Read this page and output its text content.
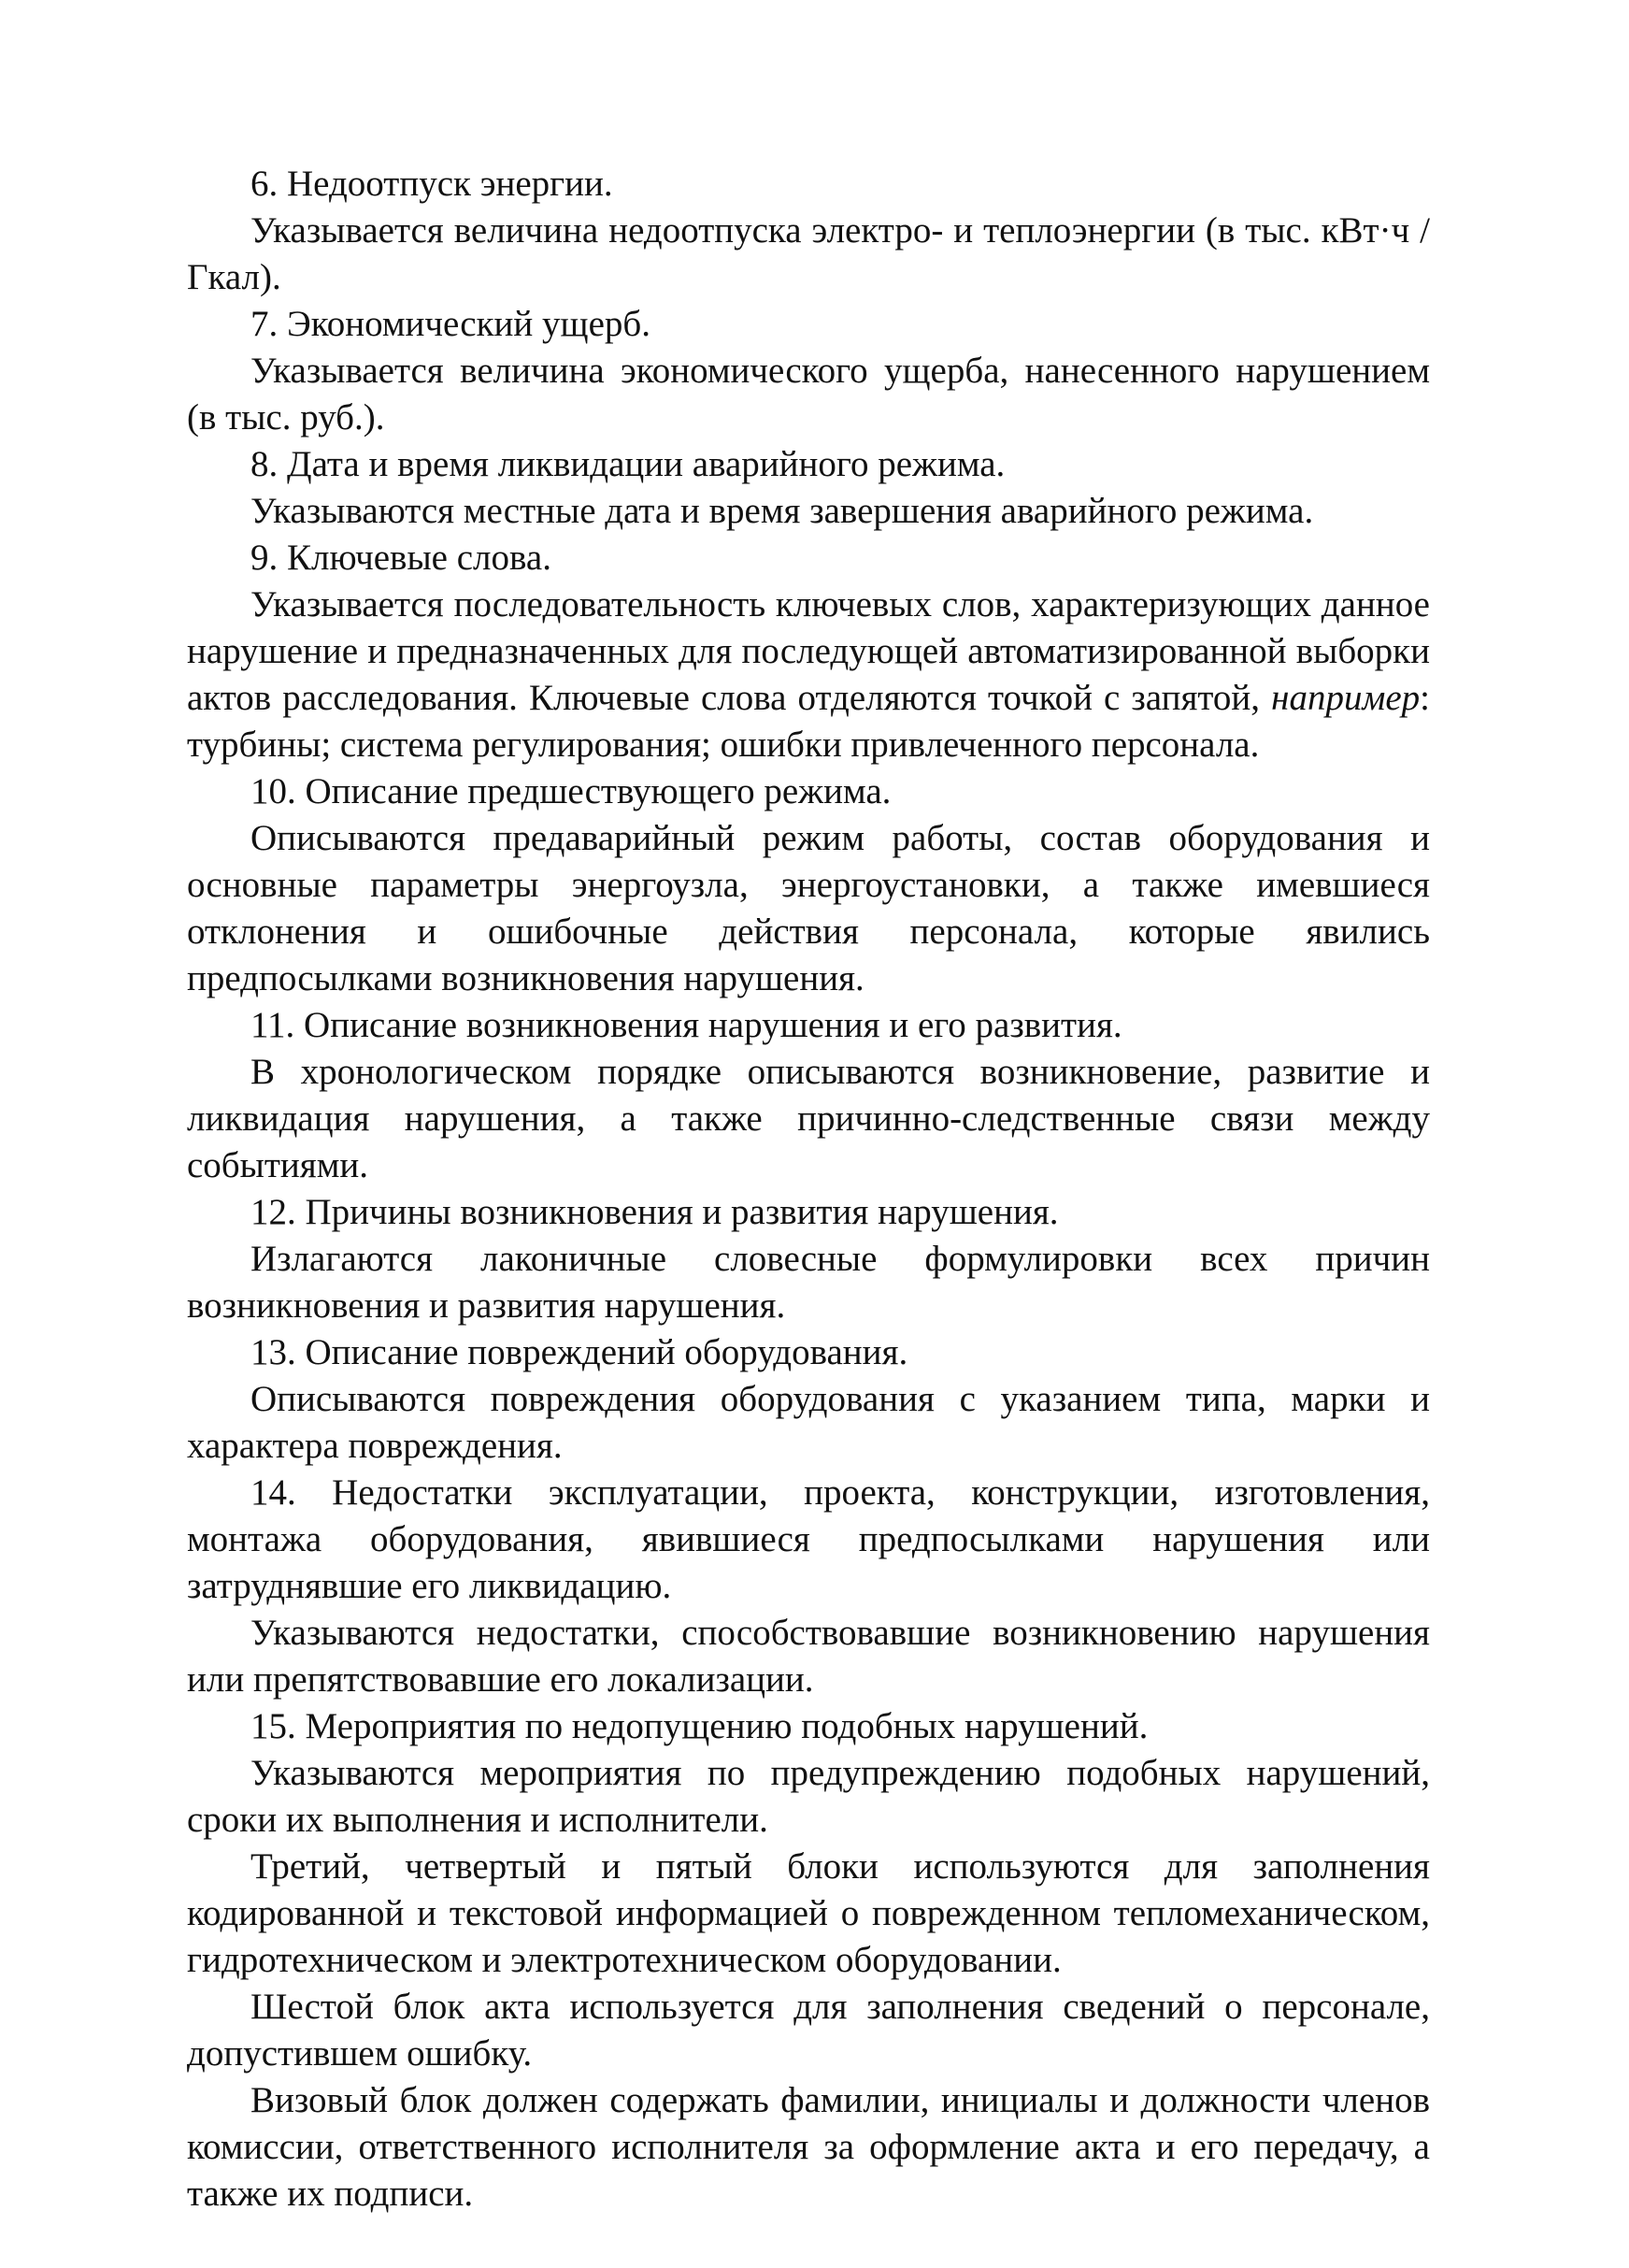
6. Недоотпуск энергии.

Указывается величина недоотпуска электро- и теплоэнергии (в тыс. кВт·ч / Гкал).

7. Экономический ущерб.

Указывается величина экономического ущерба, нанесенного нарушением (в тыс. руб.).

8. Дата и время ликвидации аварийного режима.

Указываются местные дата и время завершения аварийного режима.

9. Ключевые слова.

Указывается последовательность ключевых слов, характеризующих данное нарушение и предназначенных для последующей автоматизированной выборки актов расследования. Ключевые слова отделяются точкой с запятой, например: турбины; система регулирования; ошибки привлеченного персонала.

10. Описание предшествующего режима.

Описываются предаварийный режим работы, состав оборудования и основные параметры энергоузла, энергоустановки, а также имевшиеся отклонения и ошибочные действия персонала, которые явились предпосылками возникновения нарушения.

11. Описание возникновения нарушения и его развития.

В хронологическом порядке описываются возникновение, развитие и ликвидация нарушения, а также причинно-следственные связи между событиями.

12. Причины возникновения и развития нарушения.

Излагаются лаконичные словесные формулировки всех причин возникновения и развития нарушения.

13. Описание повреждений оборудования.

Описываются повреждения оборудования с указанием типа, марки и характера повреждения.

14. Недостатки эксплуатации, проекта, конструкции, изготовления, монтажа оборудования, явившиеся предпосылками нарушения или затруднявшие его ликвидацию.

Указываются недостатки, способствовавшие возникновению нарушения или препятствовавшие его локализации.

15. Мероприятия по недопущению подобных нарушений.

Указываются мероприятия по предупреждению подобных нарушений, сроки их выполнения и исполнители.

Третий, четвертый и пятый блоки используются для заполнения кодированной и текстовой информацией о поврежденном тепломеханическом, гидротехническом и электротехническом оборудовании.

Шестой блок акта используется для заполнения сведений о персонале, допустившем ошибку.

Визовый блок должен содержать фамилии, инициалы и должности членов комиссии, ответственного исполнителя за оформление акта и его передачу, а также их подписи.
